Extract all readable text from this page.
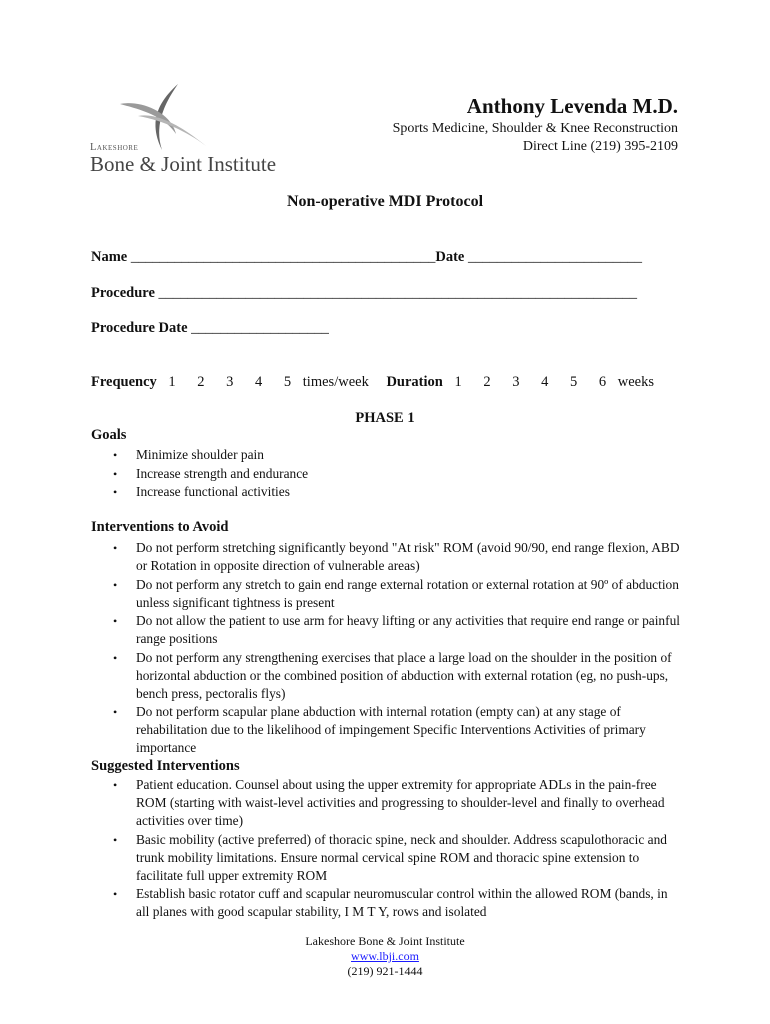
Lakeshore
Bone & Joint Institute
Anthony Levenda M.D.
Sports Medicine, Shoulder & Knee Reconstruction
Direct Line (219) 395-2109
Non-operative MDI Protocol
Name __________________________________________Date ________________________
Procedure __________________________________________________________________
Procedure Date ___________________
Frequency 1 2 3 4 5 times/week Duration 1 2 3 4 5 6 weeks
PHASE 1
Goals
• Minimize shoulder pain
• Increase strength and endurance
• Increase functional activities
Interventions to Avoid
• Do not perform stretching significantly beyond "At risk" ROM (avoid 90/90, end range flexion, ABD or Rotation in opposite direction of vulnerable areas)
• Do not perform any stretch to gain end range external rotation or external rotation at 90º of abduction unless significant tightness is present
• Do not allow the patient to use arm for heavy lifting or any activities that require end range or painful range positions
• Do not perform any strengthening exercises that place a large load on the shoulder in the position of horizontal abduction or the combined position of abduction with external rotation (eg, no push-ups, bench press, pectoralis flys)
• Do not perform scapular plane abduction with internal rotation (empty can) at any stage of rehabilitation due to the likelihood of impingement Specific Interventions Activities of primary importance
Suggested Interventions
• Patient education. Counsel about using the upper extremity for appropriate ADLs in the pain-free ROM (starting with waist-level activities and progressing to shoulder-level and finally to overhead activities over time)
• Basic mobility (active preferred) of thoracic spine, neck and shoulder. Address scapulothoracic and trunk mobility limitations. Ensure normal cervical spine ROM and thoracic spine extension to facilitate full upper extremity ROM
• Establish basic rotator cuff and scapular neuromuscular control within the allowed ROM (bands, in all planes with good scapular stability, I M T Y, rows and isolated
Lakeshore Bone & Joint Institute
www.lbji.com
(219) 921-1444
